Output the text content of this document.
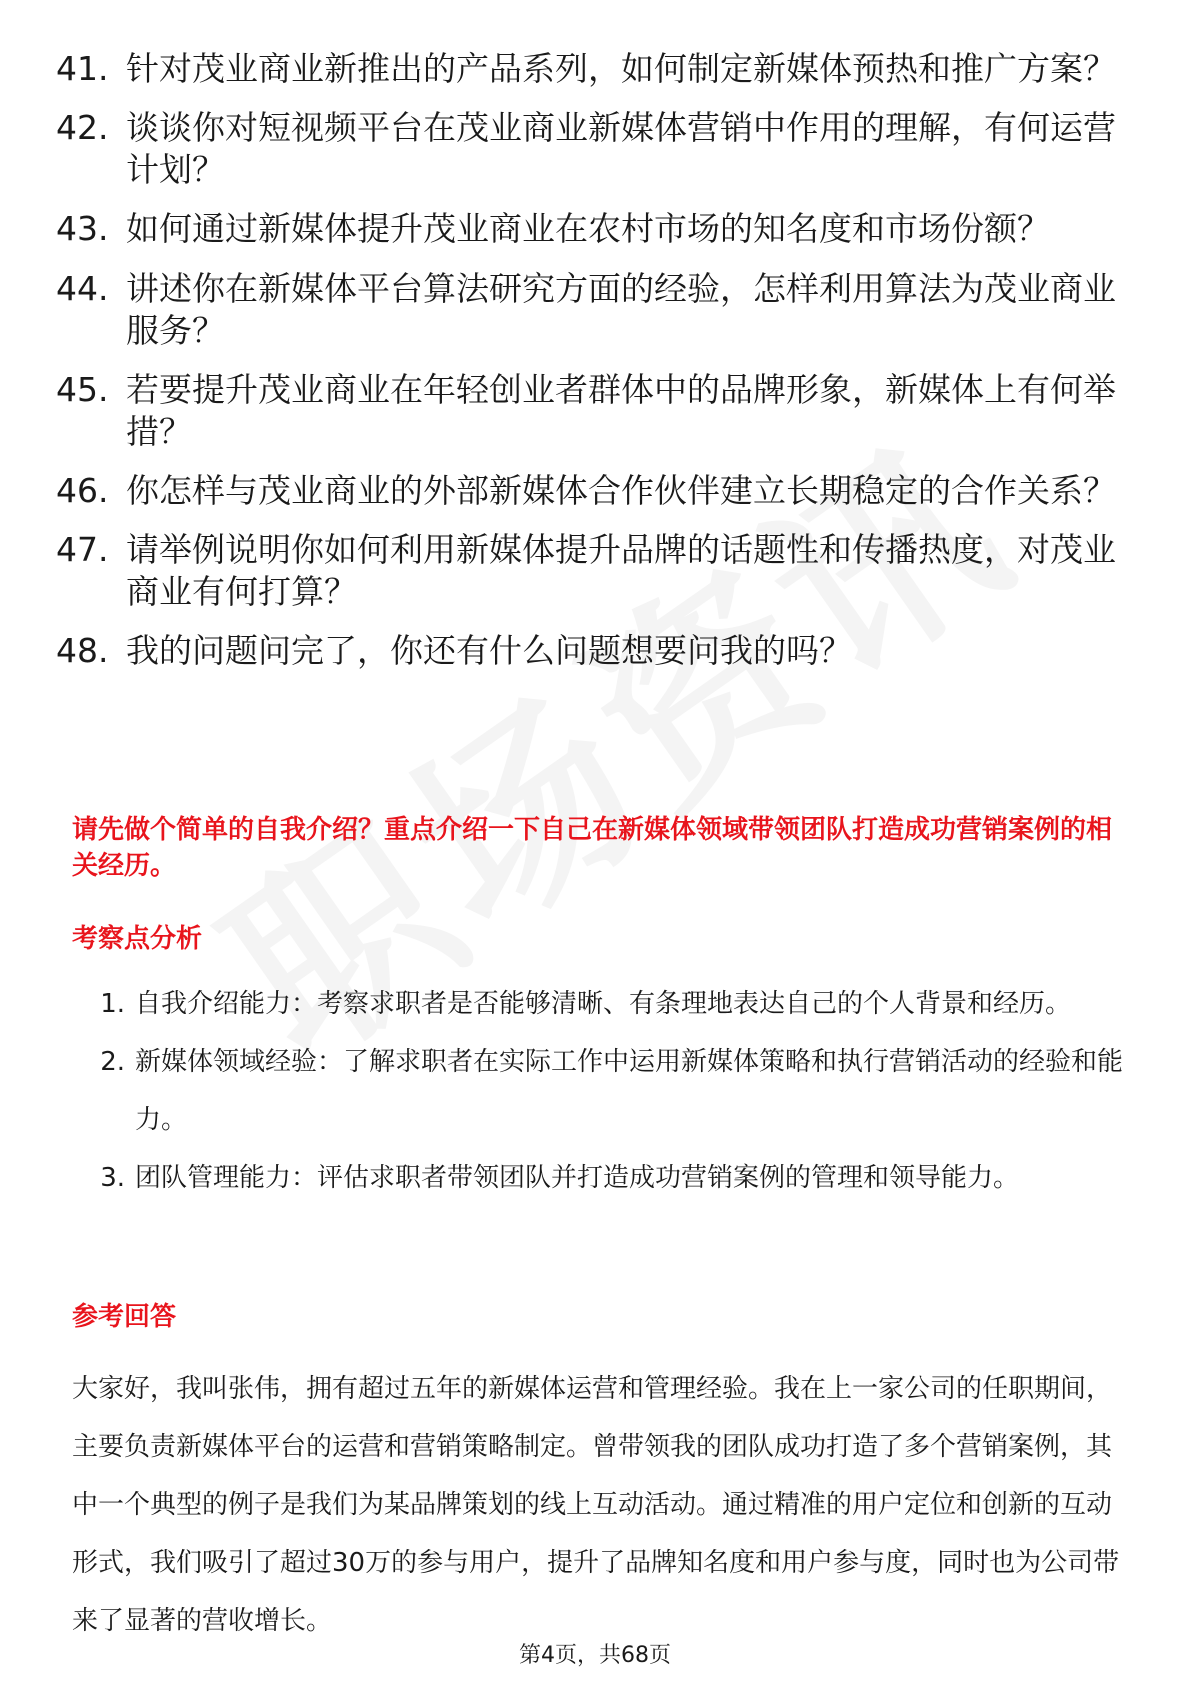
41. 针对茂业商业新推出的产品系列，如何制定新媒体预热和推广方案？
42. 谈谈你对短视频平台在茂业商业新媒体营销中作用的理解，有何运营计划？
43. 如何通过新媒体提升茂业商业在农村市场的知名度和市场份额？
44. 讲述你在新媒体平台算法研究方面的经验，怎样利用算法为茂业商业服务？
45. 若要提升茂业商业在年轻创业者群体中的品牌形象，新媒体上有何举措？
46. 你怎样与茂业商业的外部新媒体合作伙伴建立长期稳定的合作关系？
47. 请举例说明你如何利用新媒体提升品牌的话题性和传播热度，对茂业商业有何打算？
48. 我的问题问完了，你还有什么问题想要问我的吗？
请先做个简单的自我介绍？重点介绍一下自己在新媒体领域带领团队打造成功营销案例的相关经历。
考察点分析
1. 自我介绍能力：考察求职者是否能够清晰、有条理地表达自己的个人背景和经历。
2. 新媒体领域经验：了解求职者在实际工作中运用新媒体策略和执行营销活动的经验和能力。
3. 团队管理能力：评估求职者带领团队并打造成功营销案例的管理和领导能力。
参考回答
大家好，我叫张伟，拥有超过五年的新媒体运营和管理经验。我在上一家公司的任职期间，主要负责新媒体平台的运营和营销策略制定。曾带领我的团队成功打造了多个营销案例，其中一个典型的例子是我们为某品牌策划的线上互动活动。通过精准的用户定位和创新的互动形式，我们吸引了超过30万的参与用户，提升了品牌知名度和用户参与度，同时也为公司带来了显著的营收增长。
第4页，共68页
